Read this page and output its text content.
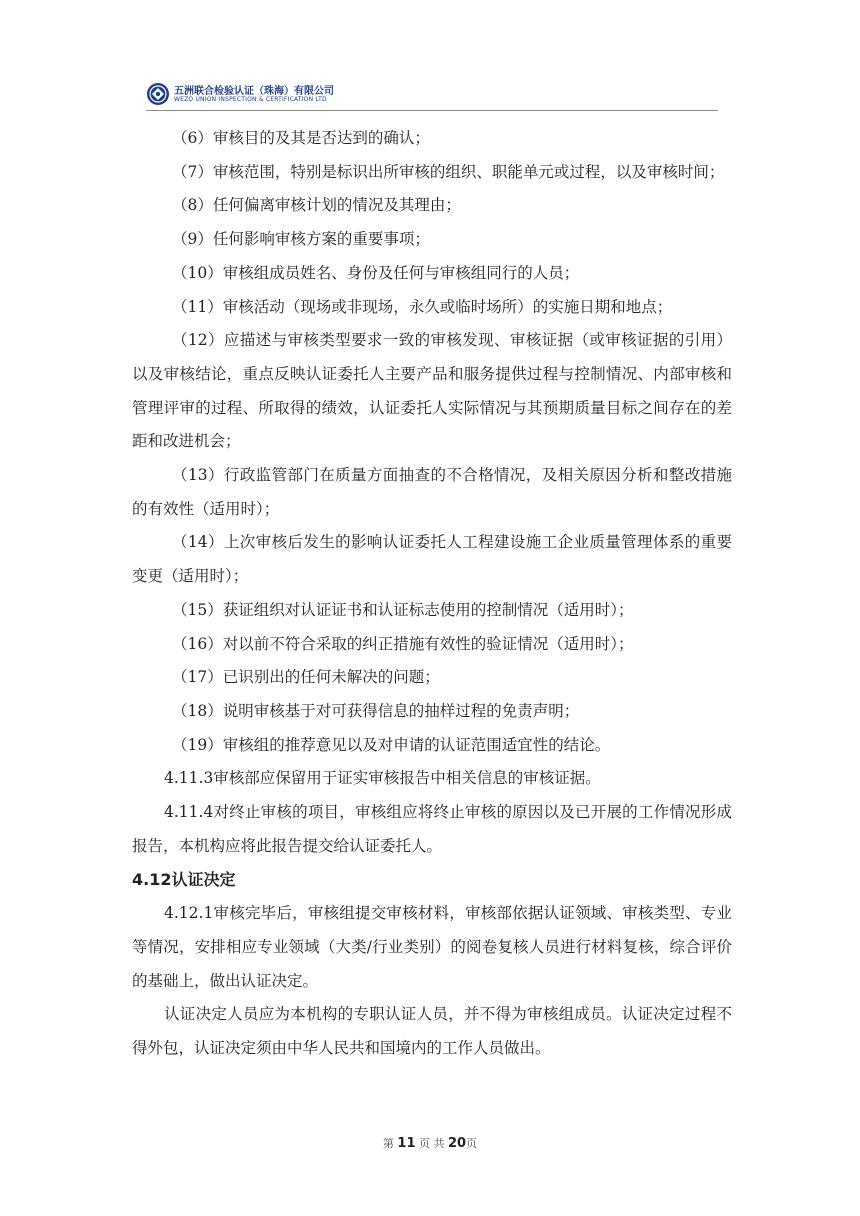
五洲联合检验认证（珠海）有限公司
WEZO UNION INSPECTION & CERTIFICATION LTD

（6）审核目的及其是否达到的确认；

（7）审核范围，特别是标识出所审核的组织、职能单元或过程，以及审核时间；

（8）任何偏离审核计划的情况及其理由；

（9）任何影响审核方案的重要事项；

（10）审核组成员姓名、身份及任何与审核组同行的人员；

（11）审核活动（现场或非现场，永久或临时场所）的实施日期和地点；

（12）应描述与审核类型要求一致的审核发现、审核证据（或审核证据的引用）以及审核结论，重点反映认证委托人主要产品和服务提供过程与控制情况、内部审核和管理评审的过程、所取得的绩效，认证委托人实际情况与其预期质量目标之间存在的差距和改进机会；

（13）行政监管部门在质量方面抽查的不合格情况，及相关原因分析和整改措施的有效性（适用时）；

（14）上次审核后发生的影响认证委托人工程建设施工企业质量管理体系的重要变更（适用时）；

（15）获证组织对认证证书和认证标志使用的控制情况（适用时）；

（16）对以前不符合采取的纠正措施有效性的验证情况（适用时）；

（17）已识别出的任何未解决的问题；

（18）说明审核基于对可获得信息的抽样过程的免责声明；

（19）审核组的推荐意见以及对申请的认证范围适宜性的结论。

4.11.3审核部应保留用于证实审核报告中相关信息的审核证据。

4.11.4对终止审核的项目，审核组应将终止审核的原因以及已开展的工作情况形成报告，本机构应将此报告提交给认证委托人。

4.12认证决定

4.12.1审核完毕后，审核组提交审核材料，审核部依据认证领域、审核类型、专业等情况，安排相应专业领域（大类/行业类别）的阅卷复核人员进行材料复核，综合评价的基础上，做出认证决定。

认证决定人员应为本机构的专职认证人员，并不得为审核组成员。认证决定过程不得外包，认证决定须由中华人民共和国境内的工作人员做出。

第 11 页 共 20页
